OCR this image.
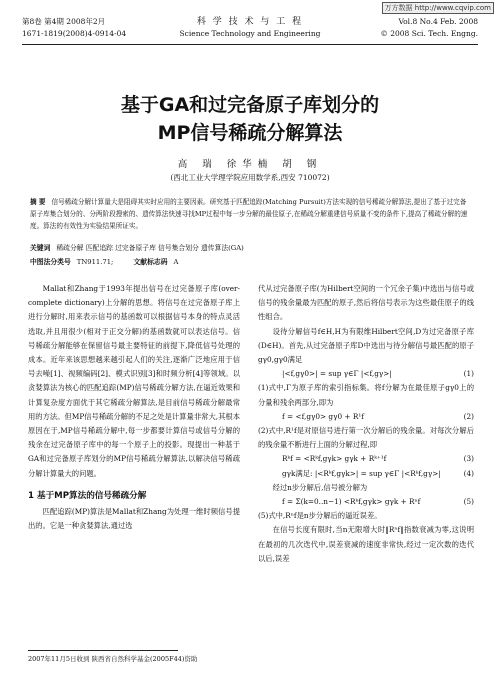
万方数据 http://www.cqvip.com
第8卷 第4期 2008年2月
1671-1819(2008)4-0914-04
科 学 技 术 与 工 程
Science Technology and Engineering
Vol.8 No.4 Feb. 2008
© 2008 Sci. Tech. Engng.
基于GA和过完备原子库划分的
MP信号稀疏分解算法
高 瑞 徐华楠 胡 钢
(西北工业大学理学院应用数学系,西安 710072)
摘 要 信号稀疏分解计算量大是阻碍其实时应用的主要因素。研究基于匹配追踪(Matching Pursuit)方法实现的信号稀疏分解算法,提出了基于过完备原子库集合划分的、分两阶段搜索的、遗传算法快速寻找MP过程中每一步分解的最佳原子,在稀疏分解重建信号质量不变的条件下,提高了稀疏分解的速度。算法的有效性为实验结果所证实。
关键词 稀疏分解 匹配追踪 过完备原子库 信号集合划分 遗传算法(GA)
中图法分类号 TN911.71;	文献标志码 A
Mallat和Zhang于1993年提出信号在过完备原子库(over-complete dictionary)上分解的思想。将信号在过完备原子库上进行分解时,用来表示信号的基函数可以根据信号本身的特点灵活选取,并且用很少(相对于正交分解)的基函数就可以表达信号。信号稀疏分解能够在保留信号最主要特征的前提下,降低信号处理的成本。近年来该思想越来越引起人们的关注,逐渐广泛地应用于信号去噪[1]、视频编码[2]、模式识别[3]和时频分析[4]等领域。以贪婪算法为核心的匹配追踪(MP)信号稀疏分解方法,在逼近效果和计算复杂度方面优于其它稀疏分解算法,是目前信号稀疏分解最常用的方法。但MP信号稀疏分解的不足之处是计算量非常大,其根本原因在于,MP信号稀疏分解中,每一步都要计算信号或信号分解的残余在过完备原子库中的每一个原子上的投影。现提出一种基于GA和过完备原子库划分的MP信号稀疏分解算法,以解决信号稀疏分解计算量大的问题。
1 基于MP算法的信号稀疏分解
匹配追踪(MP)算法是Mallat和Zhang为处理一维时频信号提出的。它是一种贪婪算法,通过选
代从过完备原子库(为Hilbert空间的一个冗余子集)中选出与信号或信号的残余量最为匹配的原子,然后将信号表示为这些最佳原子的线性组合。
设待分解信号f∈H,H为有限维Hilbert空间,D为过完备原子库(D∈H)。首先,从过完备原子库D中选出与待分解信号最匹配的原子gγ0,gγ0满足
|<f,gγ0>| = sup γ∈Γ |<f,gγ>|	(1)
(1)式中,Γ为原子库的索引指标集。将f分解为在最佳原子gγ0上的分量和残余两部分,即为
f = <f,gγ0> gγ0 + R¹f	(2)
(2)式中,R¹f是对原信号进行第一次分解后的残余量。对每次分解后的残余量不断进行上面的分解过程,即
Rᵏf = <Rᵏf,gγk> gγk + Rᵏ⁺¹f	(3)
gγk满足: |<Rᵏf,gγk>| = sup γ∈Γ |<Rᵏf,gγ>|	(4)
经过n步分解后,信号被分解为
f = Σ(k=0..n−1) <Rᵏf,gγk> gγk + Rⁿf	(5)
(5)式中,Rⁿf是n步分解后的逼近误差。
在信号长度有限时,当n无限增大时‖Rⁿf‖指数衰减为零,这说明在最初的几次迭代中,误差衰减的速度非常快,经过一定次数的迭代以后,误差
2007年11月5日收到 陕西省自然科学基金(2005F44)资助
